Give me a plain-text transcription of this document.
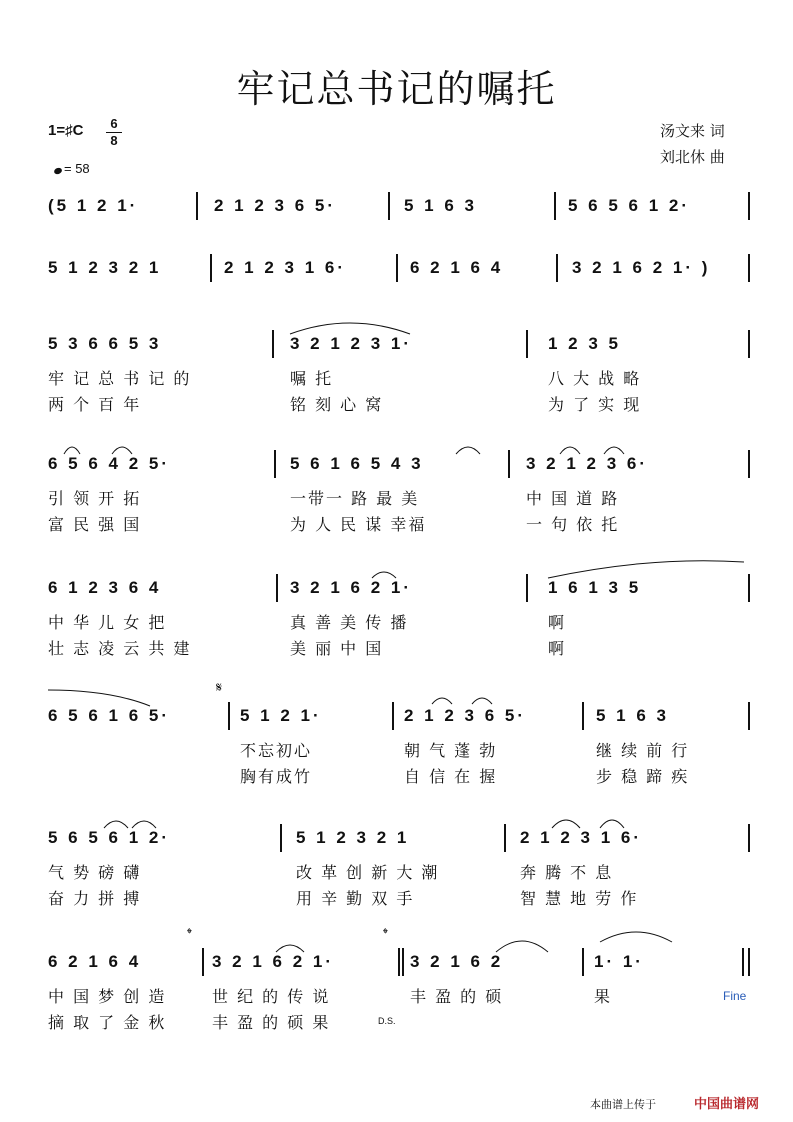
牢记总书记的嘱托
1=♯C	6
8
= 58
汤文来 词
刘北休 曲
(5 1 2 1·	2 1 2 3 6 5·	5 1 6 3	5 6 5 6 1 2·
5 1 2 3 2 1	2 1 2 3 1 6·	6 2 1 6 4	3 2 1 6 2 1· )
5 3 6 6 5 3	3 2 1 2 3 1·	1 2 3 5
牢 记 总 书 记 的	嘱 托	八 大 战 略
两 个 百 年	铭 刻 心 窝	为 了 实 现
6 5 6 4 2 5·	5 6 1 6 5 4 3	3 2 1 2 3 6·
引 领 开 拓	一带一 路 最 美	中 国 道 路
富 民 强 国	为 人 民 谋 幸福	一 句 依 托
6 1 2 3 6 4	3 2 1 6 2 1·	1 6 1 3 5
中 华 儿 女 把	真 善 美 传 播	啊
壮 志 凌 云 共 建	美 丽 中 国	啊
6 5 6 1 6 5·	5 1 2 1·	2 1 2 3 6 5·	5 1 6 3
不忘初心	朝 气 蓬 勃	继 续 前 行
胸有成竹	自 信 在 握	步 稳 蹄 疾
5 6 5 6 1 2·	5 1 2 3 2 1	2 1 2 3 1 6·
气 势 磅 礴	改 革 创 新 大 潮	奔 腾 不 息
奋 力 拼 搏	用 辛 勤 双 手	智 慧 地 劳 作
6 2 1 6 4	3 2 1 6 2 1·	3 2 1 6 2	1· 1·
中 国 梦 创 造	世 纪 的 传 说	丰 盈 的 硕	果
摘 取 了 金 秋	丰 盈 的 硕 果
Fine
D.S.
𝄋
𝄌	𝄌
本曲谱上传于	中国曲谱网
